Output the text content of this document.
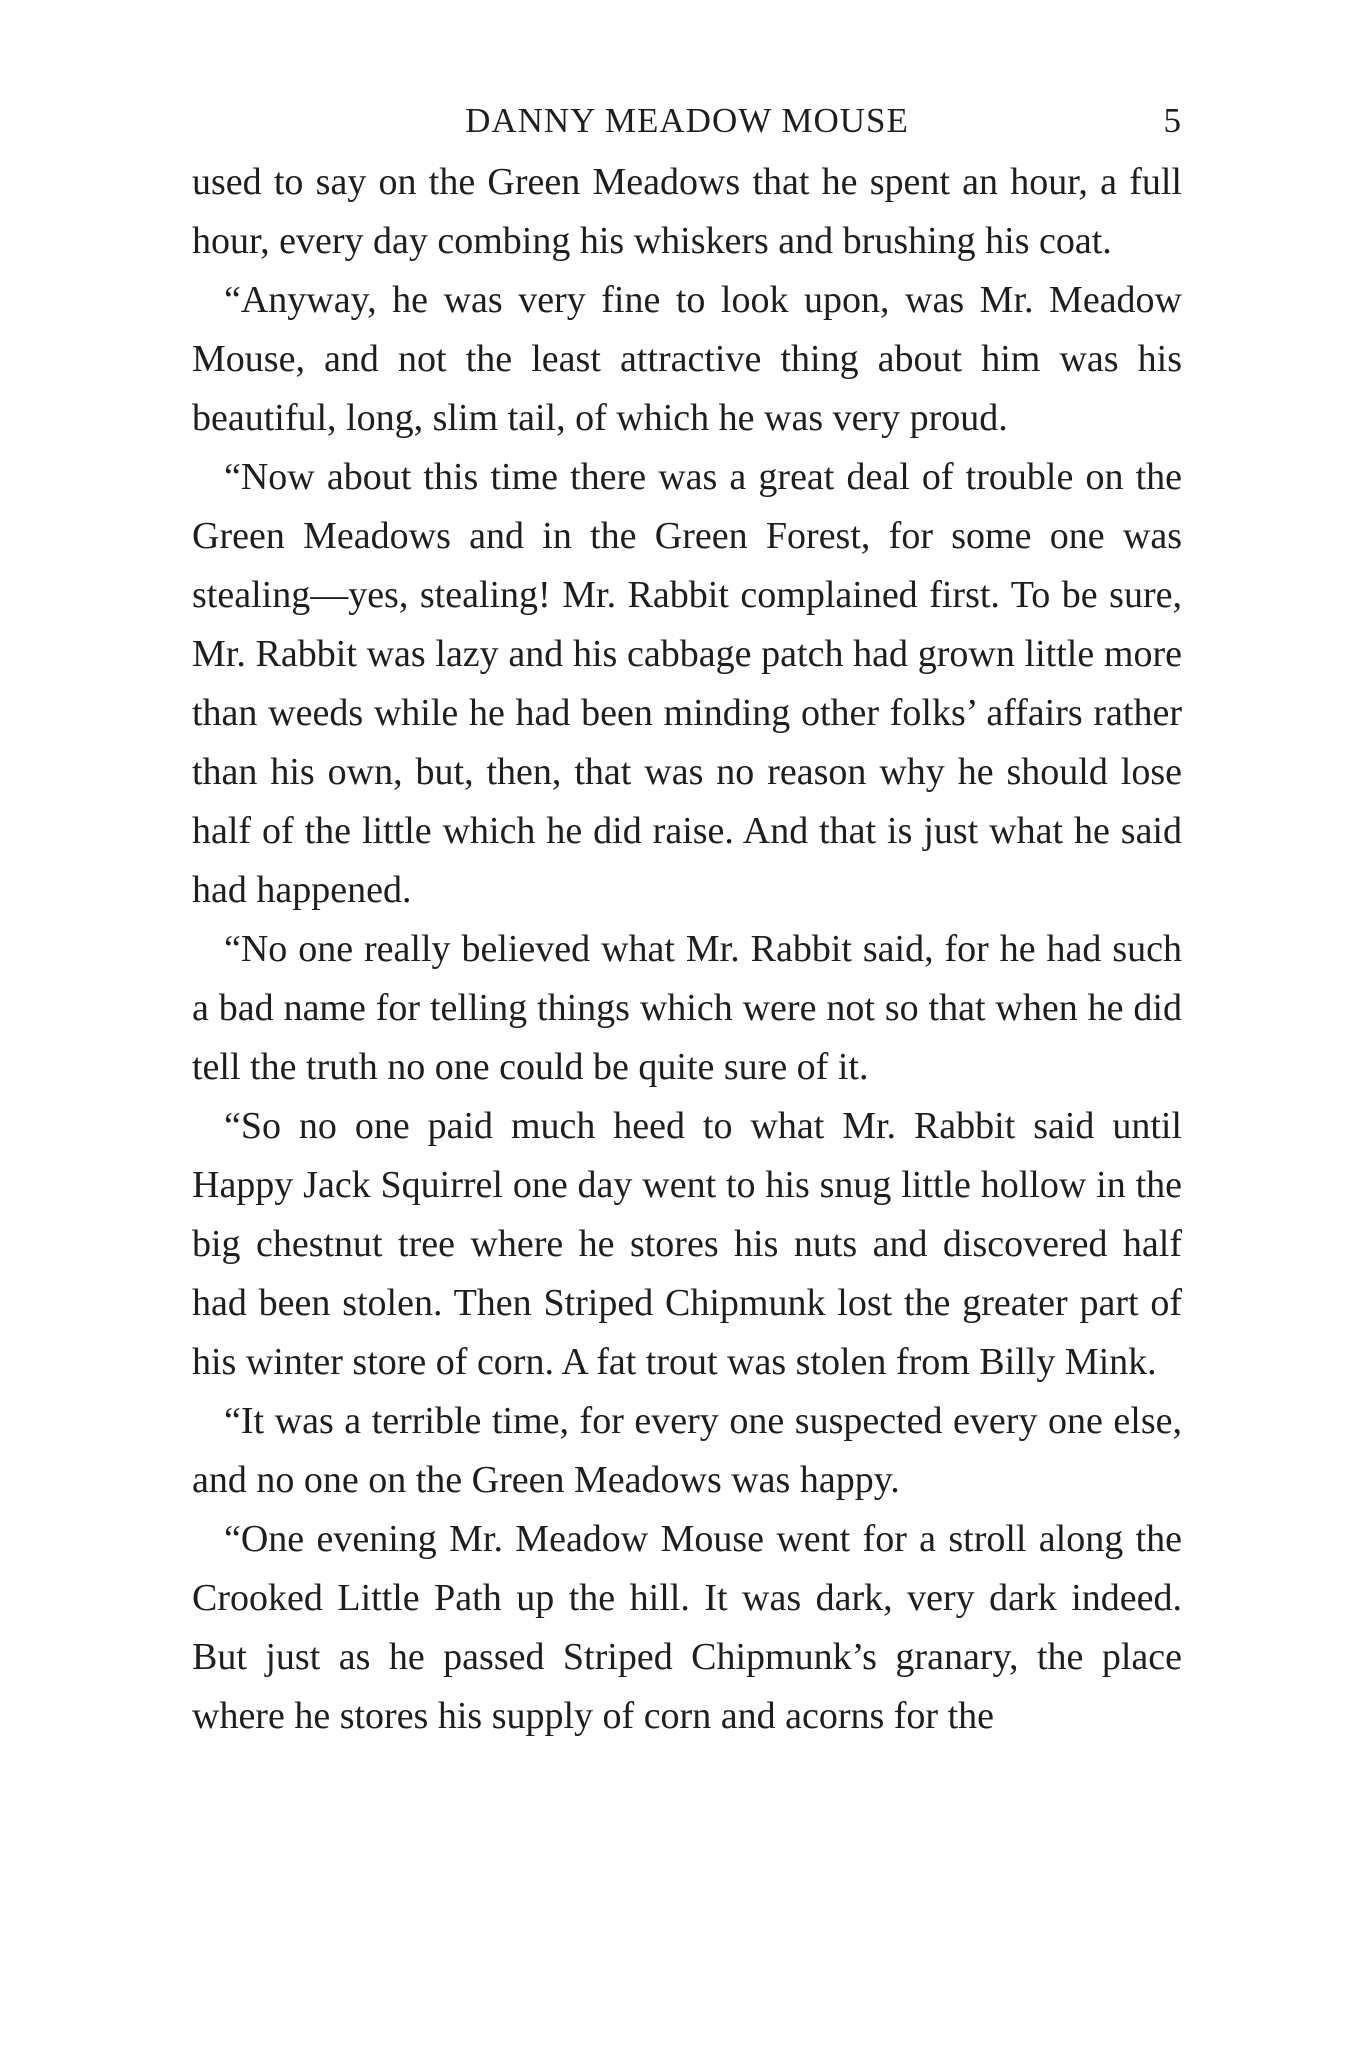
DANNY MEADOW MOUSE	5

used to say on the Green Meadows that he spent an hour, a full hour, every day combing his whiskers and brushing his coat.

“Anyway, he was very fine to look upon, was Mr. Meadow Mouse, and not the least attractive thing about him was his beautiful, long, slim tail, of which he was very proud.

“Now about this time there was a great deal of trouble on the Green Meadows and in the Green Forest, for some one was stealing—yes, stealing! Mr. Rabbit complained first. To be sure, Mr. Rabbit was lazy and his cabbage patch had grown little more than weeds while he had been minding other folks’ affairs rather than his own, but, then, that was no reason why he should lose half of the little which he did raise. And that is just what he said had happened.

“No one really believed what Mr. Rabbit said, for he had such a bad name for telling things which were not so that when he did tell the truth no one could be quite sure of it.

“So no one paid much heed to what Mr. Rabbit said until Happy Jack Squirrel one day went to his snug little hollow in the big chestnut tree where he stores his nuts and discovered half had been stolen. Then Striped Chipmunk lost the greater part of his winter store of corn. A fat trout was stolen from Billy Mink.

“It was a terrible time, for every one suspected every one else, and no one on the Green Meadows was happy.

“One evening Mr. Meadow Mouse went for a stroll along the Crooked Little Path up the hill. It was dark, very dark indeed. But just as he passed Striped Chipmunk’s granary, the place where he stores his supply of corn and acorns for the
